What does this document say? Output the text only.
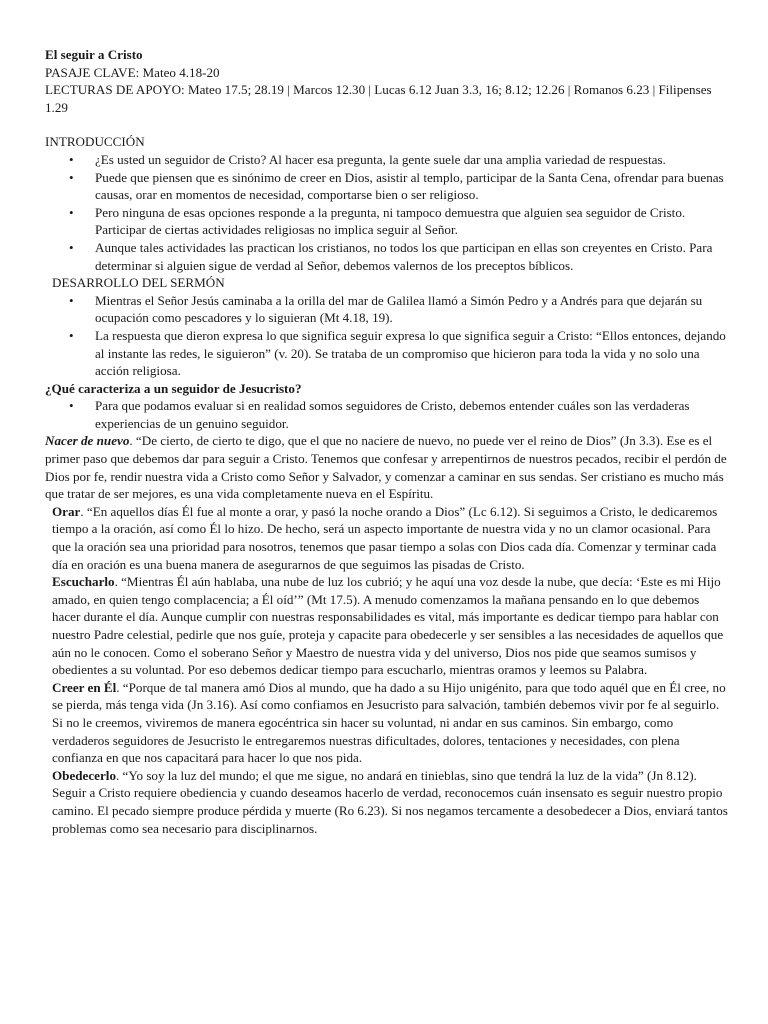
El seguir a Cristo
PASAJE CLAVE: Mateo 4.18-20
LECTURAS DE APOYO: Mateo 17.5; 28.19 | Marcos 12.30 | Lucas 6.12 Juan 3.3, 16; 8.12; 12.26 | Romanos 6.23 | Filipenses 1.29
INTRODUCCIÓN
• ¿Es usted un seguidor de Cristo? Al hacer esa pregunta, la gente suele dar una amplia variedad de respuestas.
• Puede que piensen que es sinónimo de creer en Dios, asistir al templo, participar de la Santa Cena, ofrendar para buenas causas, orar en momentos de necesidad, comportarse bien o ser religioso.
• Pero ninguna de esas opciones responde a la pregunta, ni tampoco demuestra que alguien sea seguidor de Cristo. Participar de ciertas actividades religiosas no implica seguir al Señor.
• Aunque tales actividades las practican los cristianos, no todos los que participan en ellas son creyentes en Cristo. Para determinar si alguien sigue de verdad al Señor, debemos valernos de los preceptos bíblicos.
DESARROLLO DEL SERMÓN
• Mientras el Señor Jesús caminaba a la orilla del mar de Galilea llamó a Simón Pedro y a Andrés para que dejarán su ocupación como pescadores y lo siguieran (Mt 4.18, 19).
• La respuesta que dieron expresa lo que significa seguir expresa lo que significa seguir a Cristo: “Ellos entonces, dejando al instante las redes, le siguieron” (v. 20). Se trataba de un compromiso que hicieron para toda la vida y no solo una acción religiosa.
¿Qué caracteriza a un seguidor de Jesucristo?
• Para que podamos evaluar si en realidad somos seguidores de Cristo, debemos entender cuáles son las verdaderas experiencias de un genuino seguidor.

Nacer de nuevo. “De cierto, de cierto te digo, que el que no naciere de nuevo, no puede ver el reino de Dios” (Jn 3.3). Ese es el primer paso que debemos dar para seguir a Cristo. Tenemos que confesar y arrepentirnos de nuestros pecados, recibir el perdón de Dios por fe, rendir nuestra vida a Cristo como Señor y Salvador, y comenzar a caminar en sus sendas. Ser cristiano es mucho más que tratar de ser mejores, es una vida completamente nueva en el Espíritu.

Orar. “En aquellos días Él fue al monte a orar, y pasó la noche orando a Dios” (Lc 6.12). Si seguimos a Cristo, le dedicaremos tiempo a la oración, así como Él lo hizo. De hecho, será un aspecto importante de nuestra vida y no un clamor ocasional. Para que la oración sea una prioridad para nosotros, tenemos que pasar tiempo a solas con Dios cada día. Comenzar y terminar cada día en oración es una buena manera de asegurarnos de que seguimos las pisadas de Cristo.

Escucharlo. “Mientras Él aún hablaba, una nube de luz los cubrió; y he aquí una voz desde la nube, que decía: ‘Este es mi Hijo amado, en quien tengo complacencia; a Él oíd’” (Mt 17.5). A menudo comenzamos la mañana pensando en lo que debemos hacer durante el día. Aunque cumplir con nuestras responsabilidades es vital, más importante es dedicar tiempo para hablar con nuestro Padre celestial, pedirle que nos guíe, proteja y capacite para obedecerle y ser sensibles a las necesidades de aquellos que aún no le conocen. Como el soberano Señor y Maestro de nuestra vida y del universo, Dios nos pide que seamos sumisos y obedientes a su voluntad. Por eso debemos dedicar tiempo para escucharlo, mientras oramos y leemos su Palabra.

Creer en Él. “Porque de tal manera amó Dios al mundo, que ha dado a su Hijo unigénito, para que todo aquél que en Él cree, no se pierda, más tenga vida (Jn 3.16). Así como confiamos en Jesucristo para salvación, también debemos vivir por fe al seguirlo. Si no le creemos, viviremos de manera egocéntrica sin hacer su voluntad, ni andar en sus caminos. Sin embargo, como verdaderos seguidores de Jesucristo le entregaremos nuestras dificultades, dolores, tentaciones y necesidades, con plena confianza en que nos capacitará para hacer lo que nos pida.

Obedecerlo. “Yo soy la luz del mundo; el que me sigue, no andará en tinieblas, sino que tendrá la luz de la vida” (Jn 8.12). Seguir a Cristo requiere obediencia y cuando deseamos hacerlo de verdad, reconocemos cuán insensato es seguir nuestro propio camino. El pecado siempre produce pérdida y muerte (Ro 6.23). Si nos negamos tercamente a desobedecer a Dios, enviará tantos problemas como sea necesario para disciplinarnos.
